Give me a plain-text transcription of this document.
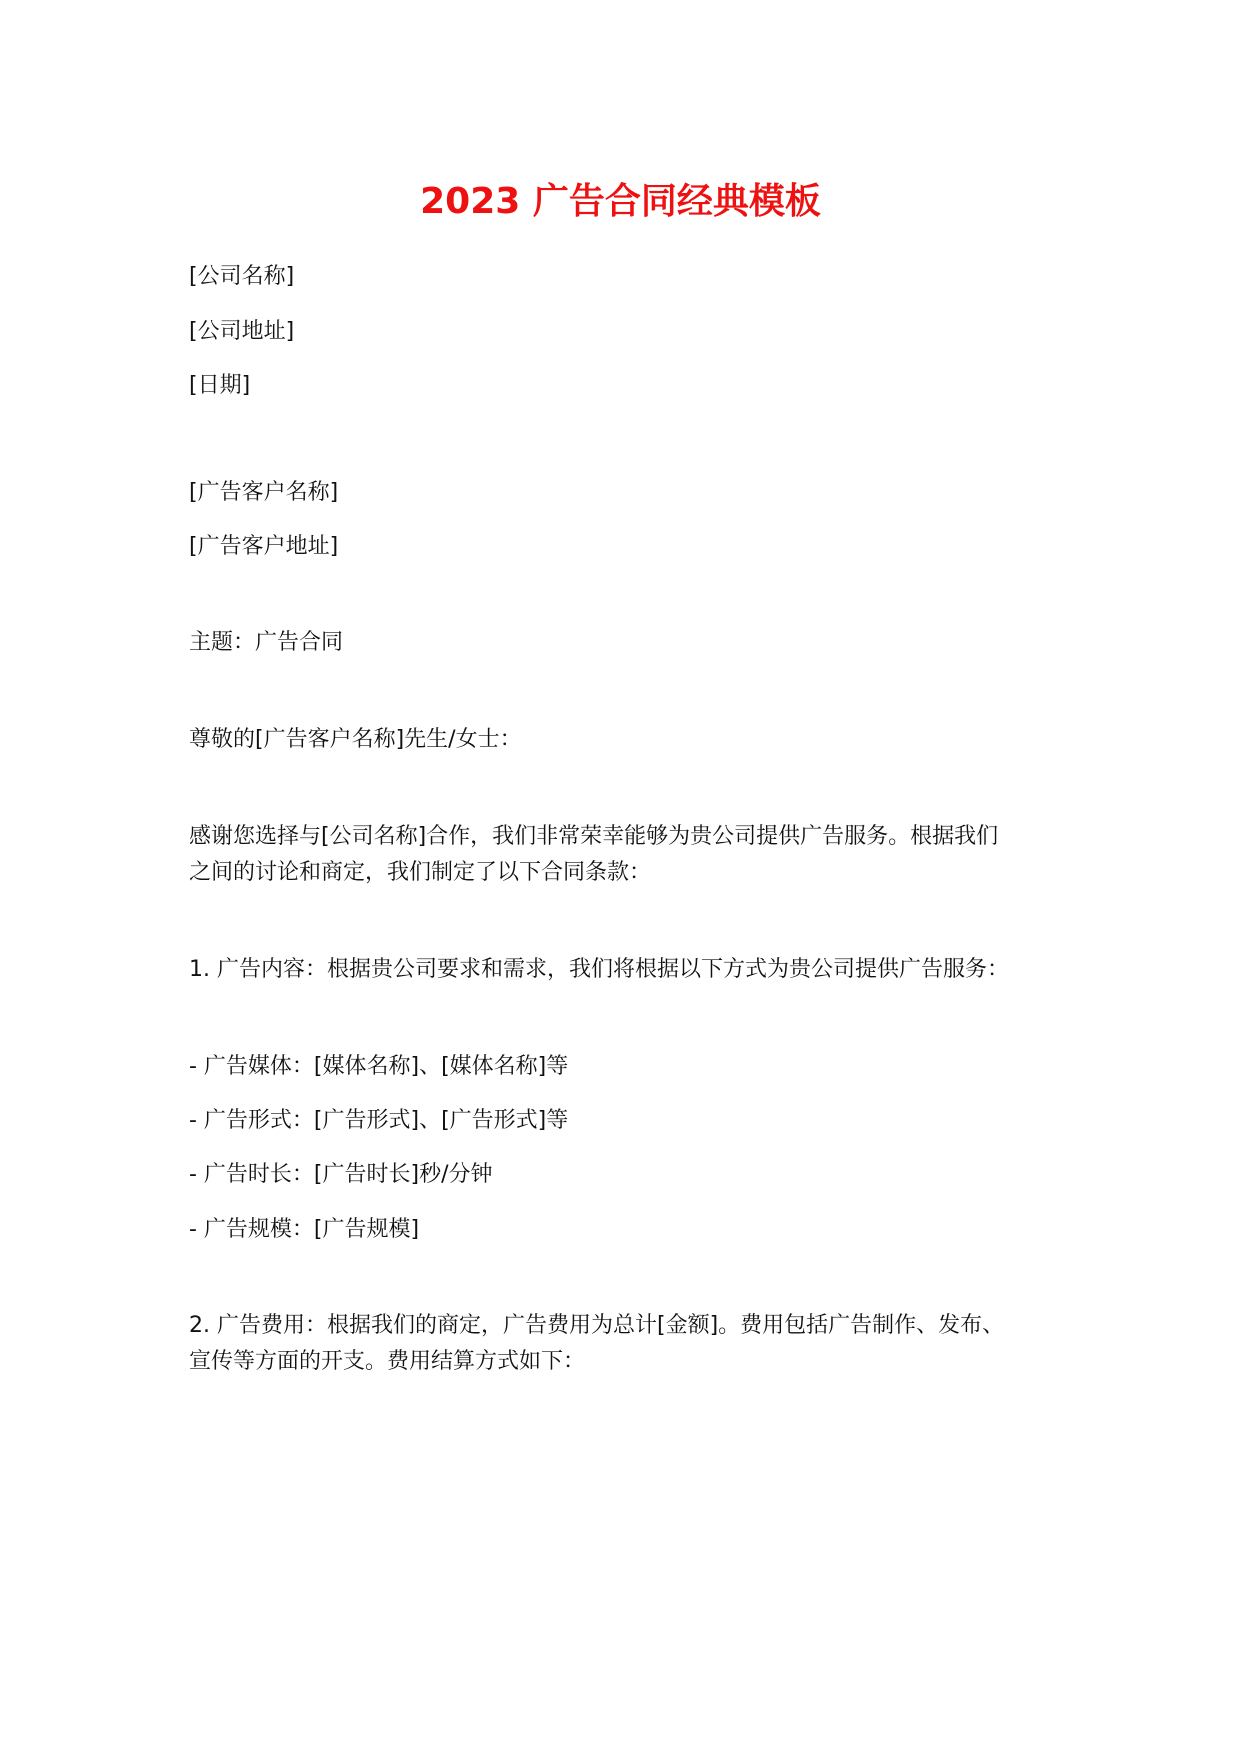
2023 广告合同经典模板

[公司名称]

[公司地址]

[日期]

[广告客户名称]

[广告客户地址]

主题：广告合同

尊敬的[广告客户名称]先生/女士：

感谢您选择与[公司名称]合作，我们非常荣幸能够为贵公司提供广告服务。根据我们

之间的讨论和商定，我们制定了以下合同条款：

1. 广告内容：根据贵公司要求和需求，我们将根据以下方式为贵公司提供广告服务：

- 广告媒体：[媒体名称]、[媒体名称]等

- 广告形式：[广告形式]、[广告形式]等

- 广告时长：[广告时长]秒/分钟

- 广告规模：[广告规模]

2. 广告费用：根据我们的商定，广告费用为总计[金额]。费用包括广告制作、发布、

宣传等方面的开支。费用结算方式如下：
